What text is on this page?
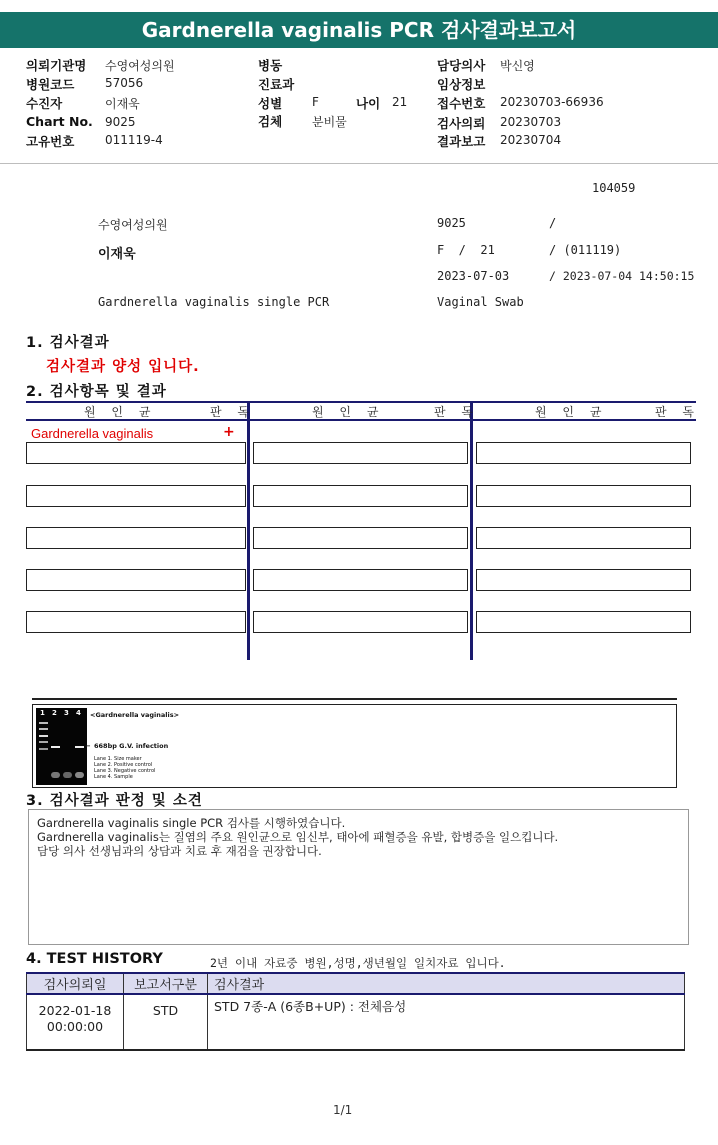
Gardnerella vaginalis PCR 검사결과보고서
의뢰기관명 수영여성의원
병원코드	57056
수진자	이재욱
Chart No. 9025
고유번호	011119-4
병동
진료과
성별 F	나이 21
검체 분비물
담당의사 박신영
임상정보
접수번호 20230703-66936
검사의뢰 20230703
결과보고 20230704
104059
수영여성의원	9025	/
이재욱	F  /  21	/ (011119)
2023-07-03	/ 2023-07-04 14:50:15
Gardnerella vaginalis single PCR	Vaginal Swab
1. 검사결과
검사결과 양성 입니다.
2. 검사항목 및 결과
원 인 균	판 독	원 인 균	판 독	원 인 균	판 독
Gardnerella vaginalis	+
1 2 3 4 <Gardnerella vaginalis>
← 668bp G.V. infection
Lane 1. Size maker
Lane 2. Positive control
Lane 3. Negative control
Lane 4. Sample
3. 검사결과 판정 및 소견
Gardnerella vaginalis single PCR 검사를 시행하였습니다.
Gardnerella vaginalis는 질염의 주요 원인균으로 임신부, 태아에 패혈증을 유발, 합병증을 일으킵니다.
담당 의사 선생님과의 상담과 치료 후 재검을 권장합니다.
4. TEST HISTORY	2년 이내 자료중 병원,성명,생년월일 일치자료 입니다.
검사의뢰일	보고서구분	검사결과

2022-01-18
00:00:00	STD	STD 7종-A (6종B+UP) : 전체음성
1/1
